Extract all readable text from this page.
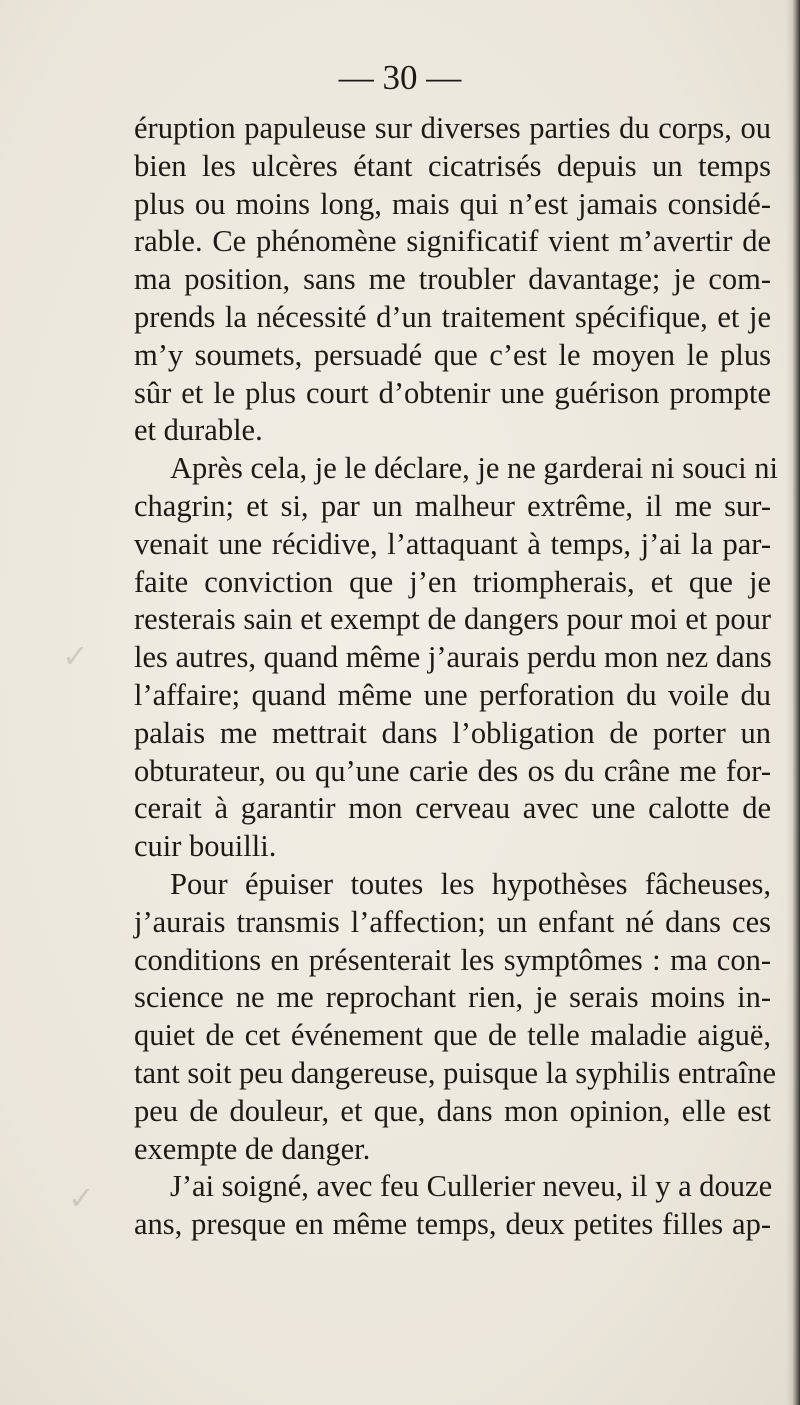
— 30 —
✓
✓
éruption papuleuse sur diverses parties du corps, ou
bien les ulcères étant cicatrisés depuis un temps
plus ou moins long, mais qui n’est jamais considé-
rable. Ce phénomène significatif vient m’avertir de
ma position, sans me troubler davantage; je com-
prends la nécessité d’un traitement spécifique, et je
m’y soumets, persuadé que c’est le moyen le plus
sûr et le plus court d’obtenir une guérison prompte
et durable.
Après cela, je le déclare, je ne garderai ni souci ni
chagrin; et si, par un malheur extrême, il me sur-
venait une récidive, l’attaquant à temps, j’ai la par-
faite conviction que j’en triompherais, et que je
resterais sain et exempt de dangers pour moi et pour
les autres, quand même j’aurais perdu mon nez dans
l’affaire; quand même une perforation du voile du
palais me mettrait dans l’obligation de porter un
obturateur, ou qu’une carie des os du crâne me for-
cerait à garantir mon cerveau avec une calotte de
cuir bouilli.
Pour épuiser toutes les hypothèses fâcheuses,
j’aurais transmis l’affection; un enfant né dans ces
conditions en présenterait les symptômes : ma con-
science ne me reprochant rien, je serais moins in-
quiet de cet événement que de telle maladie aiguë,
tant soit peu dangereuse, puisque la syphilis entraîne
peu de douleur, et que, dans mon opinion, elle est
exempte de danger.
J’ai soigné, avec feu Cullerier neveu, il y a douze
ans, presque en même temps, deux petites filles ap-
